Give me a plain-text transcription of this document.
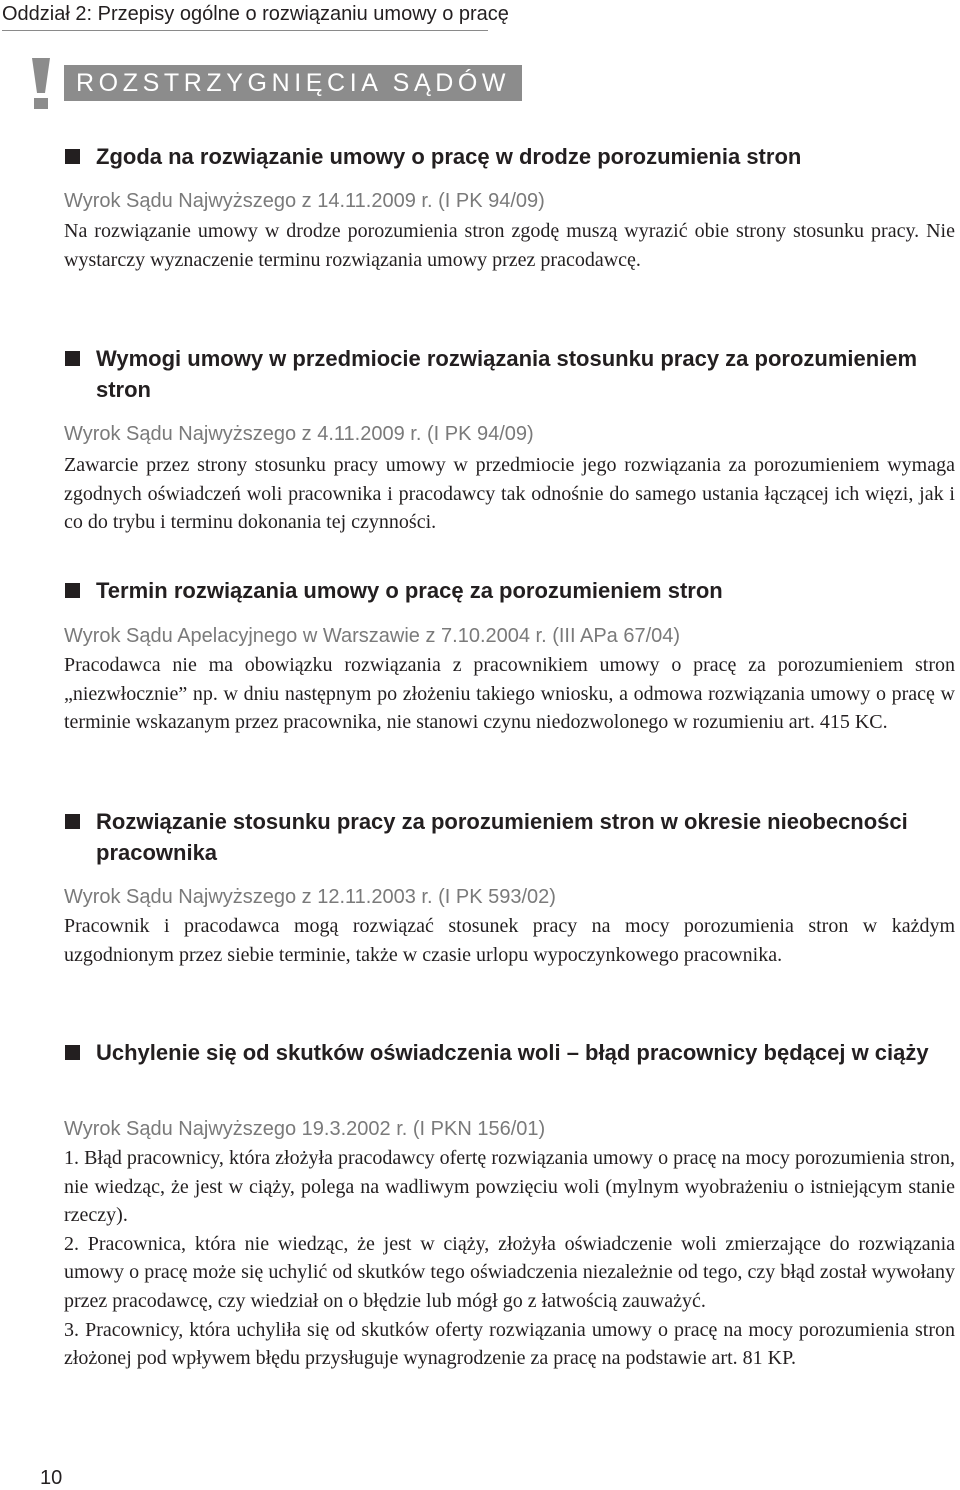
Oddział 2: Przepisy ogólne o rozwiązaniu umowy o pracę
ROZSTRZYGNIĘCIA SĄDÓW
Zgoda na rozwiązanie umowy o pracę w drodze porozumienia stron
Wyrok Sądu Najwyższego z 14.11.2009 r. (I PK 94/09)

Na rozwiązanie umowy w drodze porozumienia stron zgodę muszą wyrazić obie strony stosunku pracy. Nie wystarczy wyznaczenie terminu rozwiązania umowy przez pracodawcę.

Wymogi umowy w przedmiocie rozwiązania stosunku pracy za porozumieniem stron
Wyrok Sądu Najwyższego z 4.11.2009 r. (I PK 94/09)

Zawarcie przez strony stosunku pracy umowy w przedmiocie jego rozwiązania za porozumieniem wymaga zgodnych oświadczeń woli pracownika i pracodawcy tak odnośnie do samego ustania łączącej ich więzi, jak i co do trybu i terminu dokonania tej czynności.

Termin rozwiązania umowy o pracę za porozumieniem stron
Wyrok Sądu Apelacyjnego w Warszawie z 7.10.2004 r. (III APa 67/04)

Pracodawca nie ma obowiązku rozwiązania z pracownikiem umowy o pracę za porozumieniem stron „niezwłocznie” np. w dniu następnym po złożeniu takiego wniosku, a odmowa rozwiązania umowy o pracę w terminie wskazanym przez pracownika, nie stanowi czynu niedozwolonego w rozumieniu art. 415 KC.

Rozwiązanie stosunku pracy za porozumieniem stron w okresie nieobecności pracownika
Wyrok Sądu Najwyższego z 12.11.2003 r. (I PK 593/02)

Pracownik i pracodawca mogą rozwiązać stosunek pracy na mocy porozumienia stron w każdym uzgodnionym przez siebie terminie, także w czasie urlopu wypoczynkowego pracownika.

Uchylenie się od skutków oświadczenia woli – błąd pracownicy będącej w ciąży
Wyrok Sądu Najwyższego 19.3.2002 r. (I PKN 156/01)

1. Błąd pracownicy, która złożyła pracodawcy ofertę rozwiązania umowy o pracę na mocy porozumienia stron, nie wiedząc, że jest w ciąży, polega na wadliwym powzięciu woli (mylnym wyobrażeniu o istniejącym stanie rzeczy).

2. Pracownica, która nie wiedząc, że jest w ciąży, złożyła oświadczenie woli zmierzające do rozwiązania umowy o pracę może się uchylić od skutków tego oświadczenia niezależnie od tego, czy błąd został wywołany przez pracodawcę, czy wiedział on o błędzie lub mógł go z łatwością zauważyć.

3. Pracownicy, która uchyliła się od skutków oferty rozwiązania umowy o pracę na mocy porozumienia stron złożonej pod wpływem błędu przysługuje wynagrodzenie za pracę na podstawie art. 81 KP.

10
